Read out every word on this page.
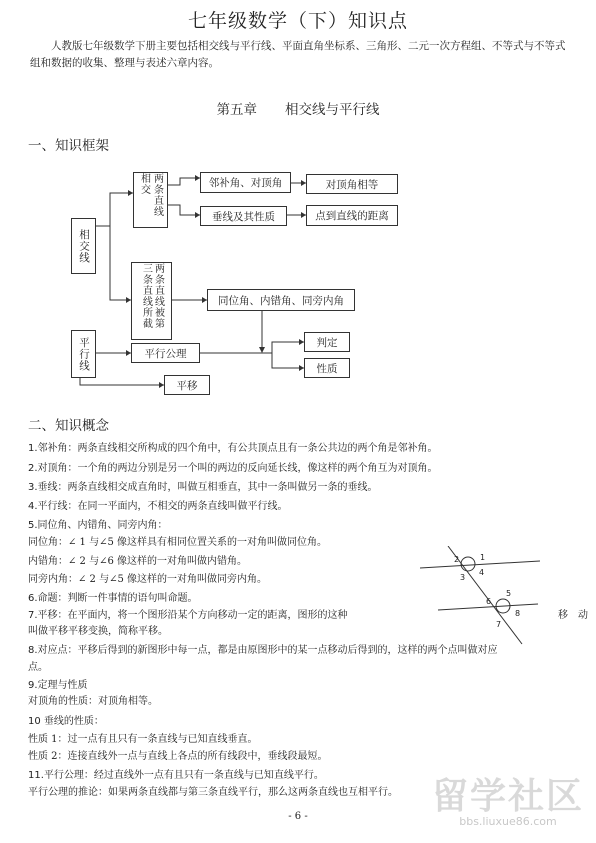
七年级数学（下）知识点
人教版七年级数学下册主要包括相交线与平行线、平面直角坐标系、三角形、二元一次方程组、不等式与不等式组和数据的收集、整理与表述六章内容。
第五章 相交线与平行线
一、知识框架
相交线
两条直线相交
两条直线被第三条直线所截
平行线
邻补角、对顶角	对顶角相等
垂线及其性质	点到直线的距离
同位角、内错角、同旁内角
平行公理
判定
性质
平移
二、知识概念
1.邻补角：两条直线相交所构成的四个角中，有公共顶点且有一条公共边的两个角是邻补角。
2.对顶角：一个角的两边分别是另一个叫的两边的反向延长线，像这样的两个角互为对顶角。
3.垂线：两条直线相交成直角时，叫做互相垂直，其中一条叫做另一条的垂线。
4.平行线：在同一平面内，不相交的两条直线叫做平行线。
5.同位角、内错角、同旁内角：
同位角：∠ 1 与∠5 像这样具有相同位置关系的一对角叫做同位角。
内错角：∠ 2 与∠6 像这样的一对角叫做内错角。
同旁内角：∠ 2 与∠5 像这样的一对角叫做同旁内角。
6.命题：判断一件事情的语句叫命题。
7.平移：在平面内，将一个图形沿某个方向移动一定的距离，图形的这种
叫做平移平移变换，简称平移。
8.对应点：平移后得到的新图形中每一点，都是由原图形中的某一点移动后得到的，这样的两个点叫做对应
点。
9.定理与性质
对顶角的性质：对顶角相等。
10 垂线的性质：
性质 1：过一点有且只有一条直线与已知直线垂直。
性质 2：连接直线外一点与直线上各点的所有线段中，垂线段最短。
11.平行公理：经过直线外一点有且只有一条直线与已知直线平行。
平行公理的推论：如果两条直线都与第三条直线平行，那么这两条直线也互相平行。
移　动
1
2
3
4
5
6
7
8
- 6 -	留学社区
bbs.liuxue86.com
